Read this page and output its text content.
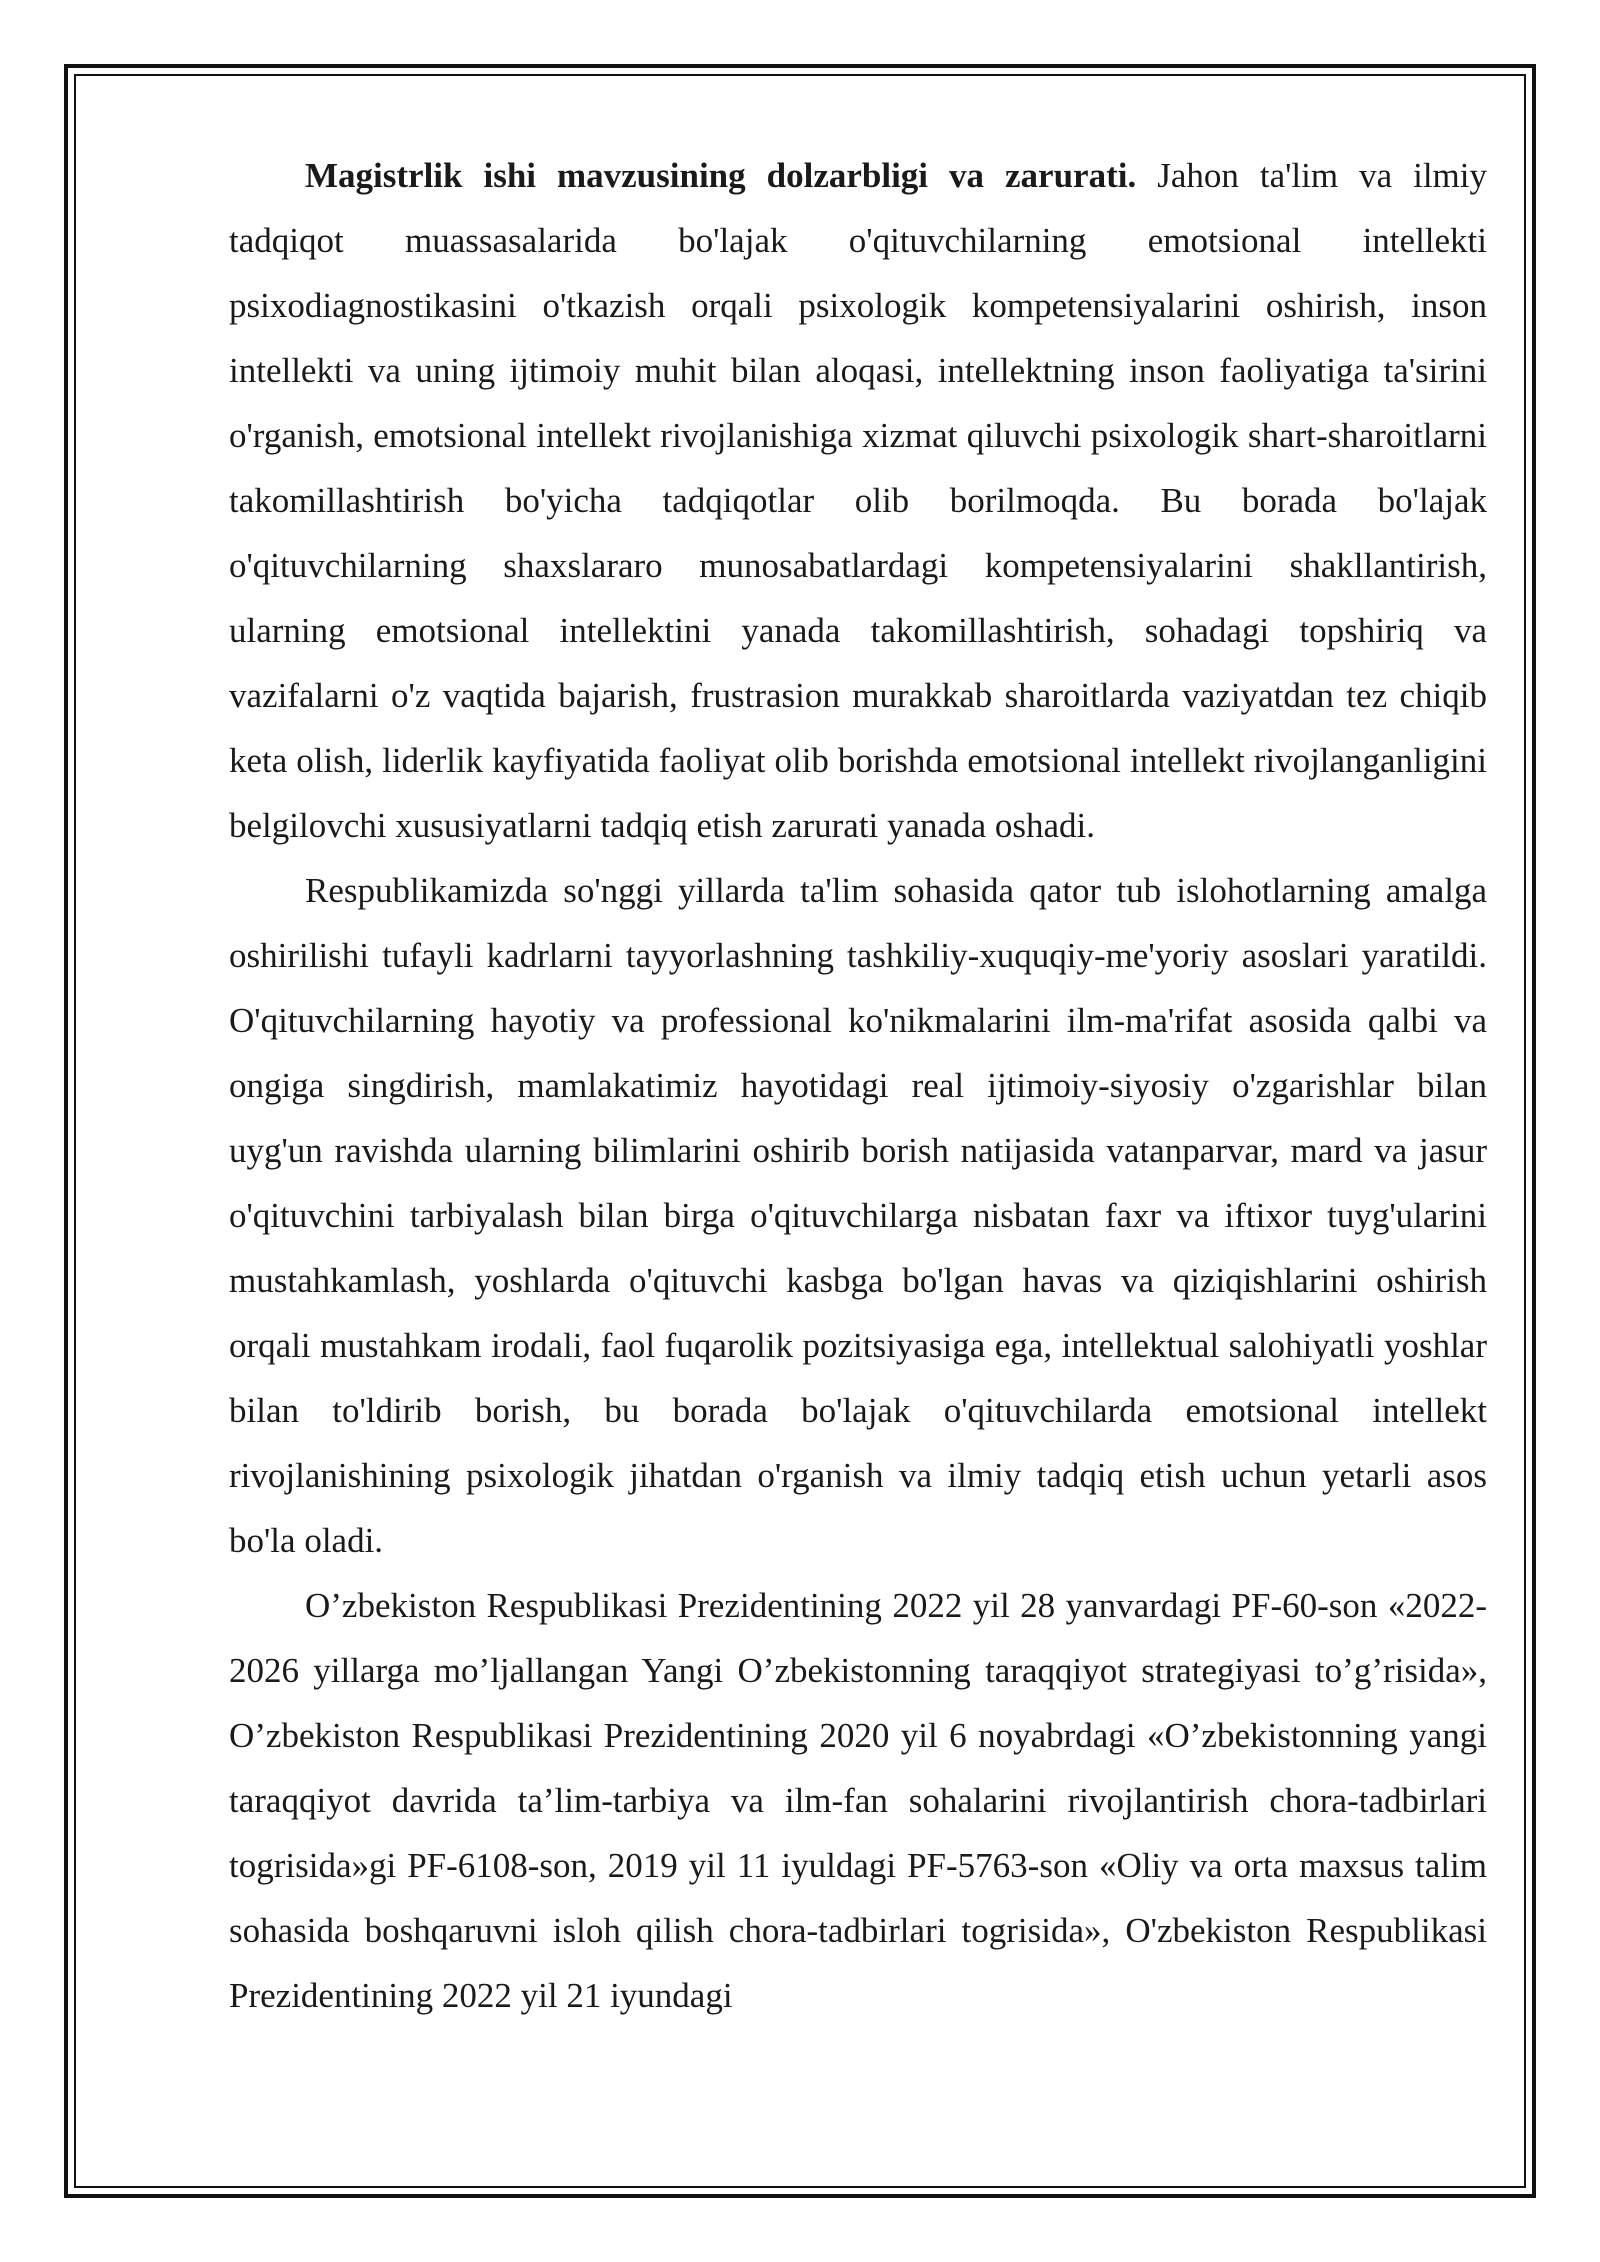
Magistrlik ishi mavzusining dolzarbligi va zarurati. Jahon ta'lim va ilmiy tadqiqot muassasalarida bo'lajak o'qituvchilarning emotsional intellekti psixodiagnostikasini o'tkazish orqali psixologik kompetensiyalarini oshirish, inson intellekti va uning ijtimoiy muhit bilan aloqasi, intellektning inson faoliyatiga ta'sirini o'rganish, emotsional intellekt rivojlanishiga xizmat qiluvchi psixologik shart-sharoitlarni takomillashtirish bo'yicha tadqiqotlar olib borilmoqda. Bu borada bo'lajak o'qituvchilarning shaxslararo munosabatlardagi kompetensiyalarini shakllantirish, ularning emotsional intellektini yanada takomillashtirish, sohadagi topshiriq va vazifalarni o'z vaqtida bajarish, frustrasion murakkab sharoitlarda vaziyatdan tez chiqib keta olish, liderlik kayfiyatida faoliyat olib borishda emotsional intellekt rivojlanganligini belgilovchi xususiyatlarni tadqiq etish zarurati yanada oshadi.

Respublikamizda so'nggi yillarda ta'lim sohasida qator tub islohotlarning amalga oshirilishi tufayli kadrlarni tayyorlashning tashkiliy-xuquqiy-me'yoriy asoslari yaratildi. O'qituvchilarning hayotiy va professional ko'nikmalarini ilm-ma'rifat asosida qalbi va ongiga singdirish, mamlakatimiz hayotidagi real ijtimoiy-siyosiy o'zgarishlar bilan uyg'un ravishda ularning bilimlarini oshirib borish natijasida vatanparvar, mard va jasur o'qituvchini tarbiyalash bilan birga o'qituvchilarga nisbatan faxr va iftixor tuyg'ularini mustahkamlash, yoshlarda o'qituvchi kasbga bo'lgan havas va qiziqishlarini oshirish orqali mustahkam irodali, faol fuqarolik pozitsiyasiga ega, intellektual salohiyatli yoshlar bilan to'ldirib borish, bu borada bo'lajak o'qituvchilarda emotsional intellekt rivojlanishining psixologik jihatdan o'rganish va ilmiy tadqiq etish uchun yetarli asos bo'la oladi.

O’zbekiston Respublikasi Prezidentining 2022 yil 28 yanvardagi PF-60-son «2022-2026 yillarga mo’ljallangan Yangi O’zbekistonning taraqqiyot strategiyasi to’g’risida», O’zbekiston Respublikasi Prezidentining 2020 yil 6 noyabrdagi «O’zbekistonning yangi taraqqiyot davrida ta’lim-tarbiya va ilm-fan sohalarini rivojlantirish chora-tadbirlari togrisida»gi PF-6108-son, 2019 yil 11 iyuldagi PF-5763-son «Oliy va orta maxsus talim sohasida boshqaruvni isloh qilish chora-tadbirlari togrisida», O'zbekiston Respublikasi Prezidentining 2022 yil 21 iyundagi
